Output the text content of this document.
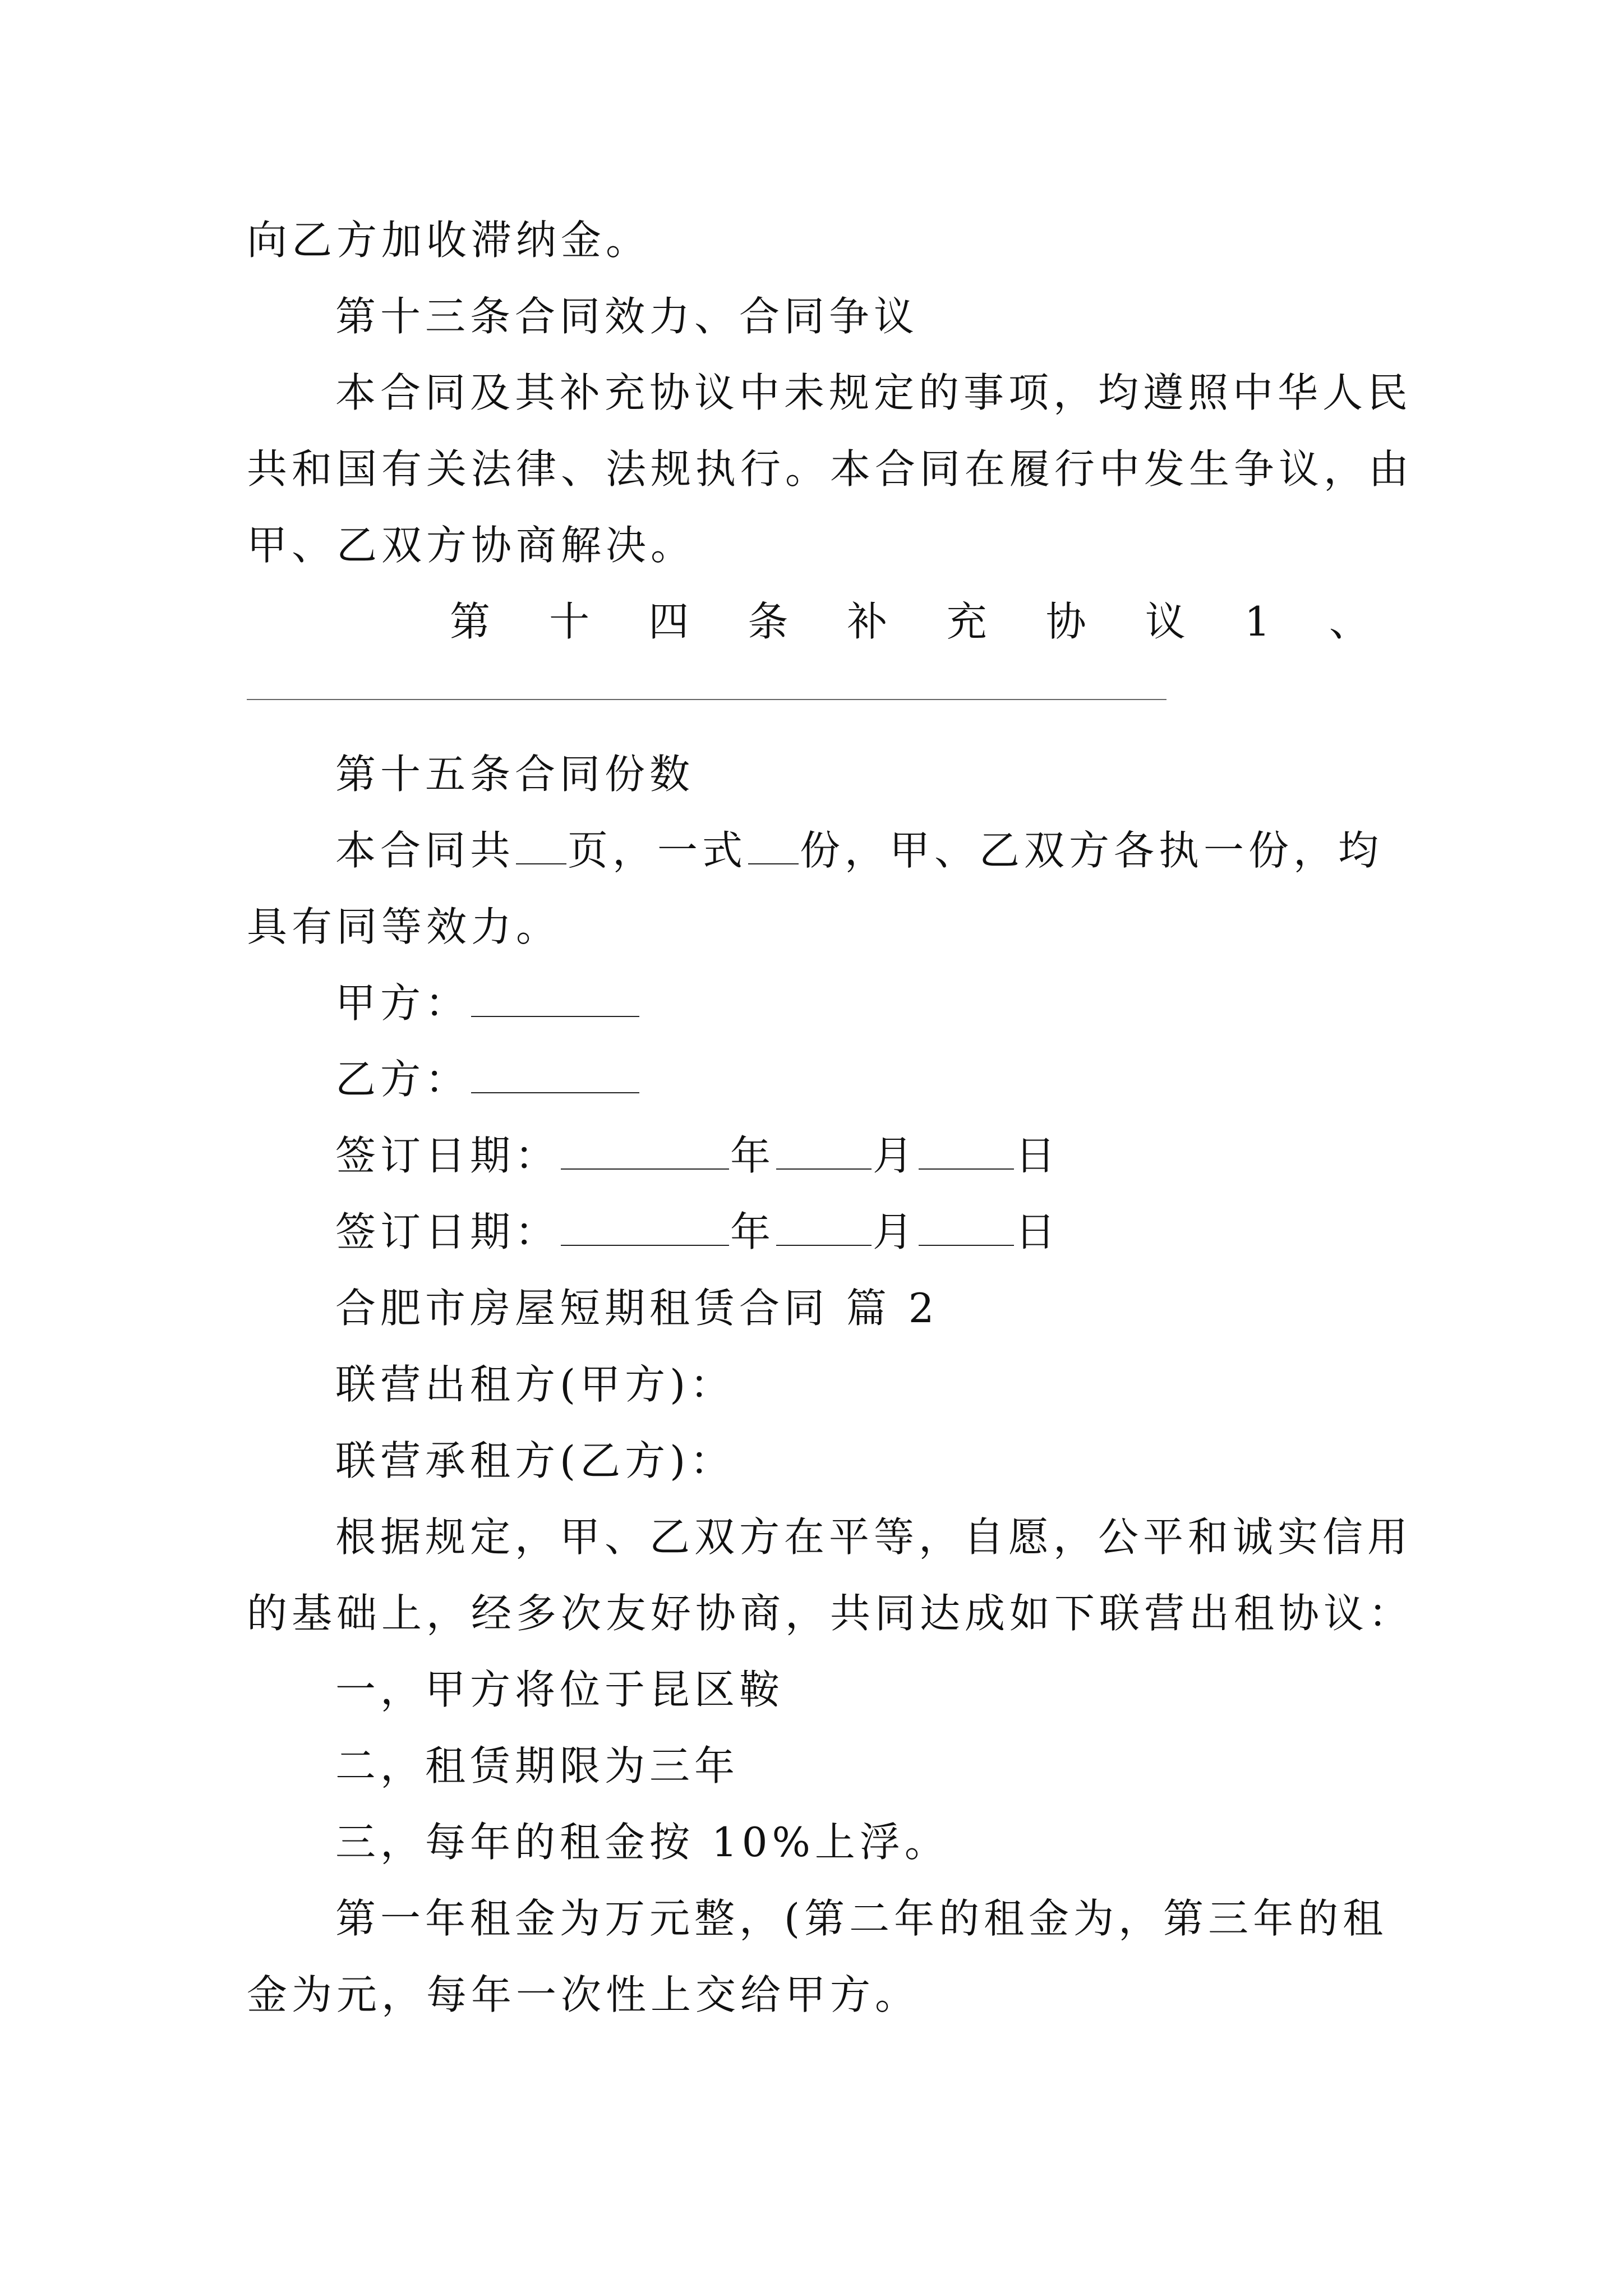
向乙方加收滞纳金。
第十三条合同效力、合同争议
本合同及其补充协议中未规定的事项，均遵照中华人民
共和国有关法律、法规执行。本合同在履行中发生争议，由
甲、乙双方协商解决。
第 十 四 条 补 充 协 议 1 、
第十五条合同份数
本合同共 页，一式 份，甲、乙双方各执一份，均
具有同等效力。
甲方：
乙方：
签订日期：	年 月 日
签订日期：	年 月 日
合肥市房屋短期租赁合同 篇 2
联营出租方(甲方)：
联营承租方(乙方)：
根据规定，甲、乙双方在平等，自愿，公平和诚实信用
的基础上，经多次友好协商，共同达成如下联营出租协议：
一，甲方将位于昆区鞍
二，租赁期限为三年
三，每年的租金按 10%上浮。
第一年租金为万元整，(第二年的租金为，第三年的租
金为元，每年一次性上交给甲方。
